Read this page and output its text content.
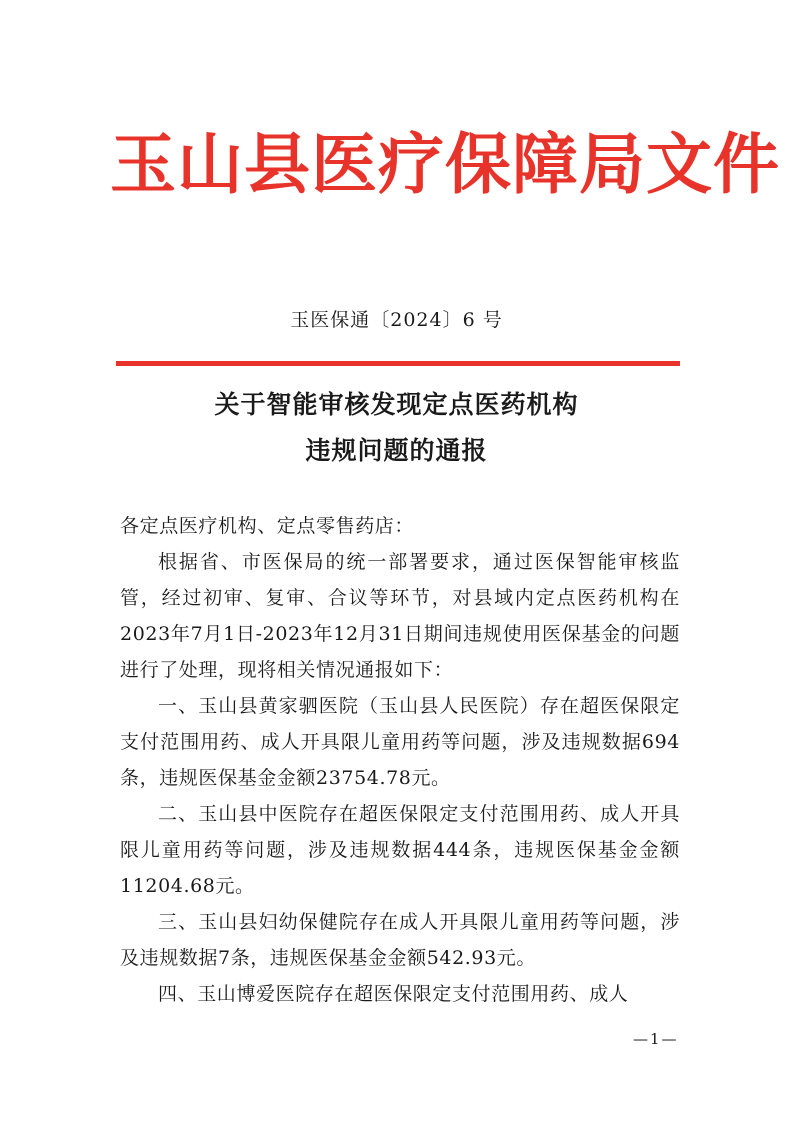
玉山县医疗保障局文件
玉医保通〔2024〕6 号
关于智能审核发现定点医药机构
违规问题的通报

各定点医疗机构、定点零售药店：

根据省、市医保局的统一部署要求，通过医保智能审核监管，经过初审、复审、合议等环节，对县域内定点医药机构在2023年7月1日-2023年12月31日期间违规使用医保基金的问题进行了处理，现将相关情况通报如下：

一、玉山县黄家驷医院（玉山县人民医院）存在超医保限定支付范围用药、成人开具限儿童用药等问题，涉及违规数据694条，违规医保基金金额23754.78元。

二、玉山县中医院存在超医保限定支付范围用药、成人开具限儿童用药等问题，涉及违规数据444条，违规医保基金金额11204.68元。

三、玉山县妇幼保健院存在成人开具限儿童用药等问题，涉及违规数据7条，违规医保基金金额542.93元。

四、玉山博爱医院存在超医保限定支付范围用药、成人

—1—
